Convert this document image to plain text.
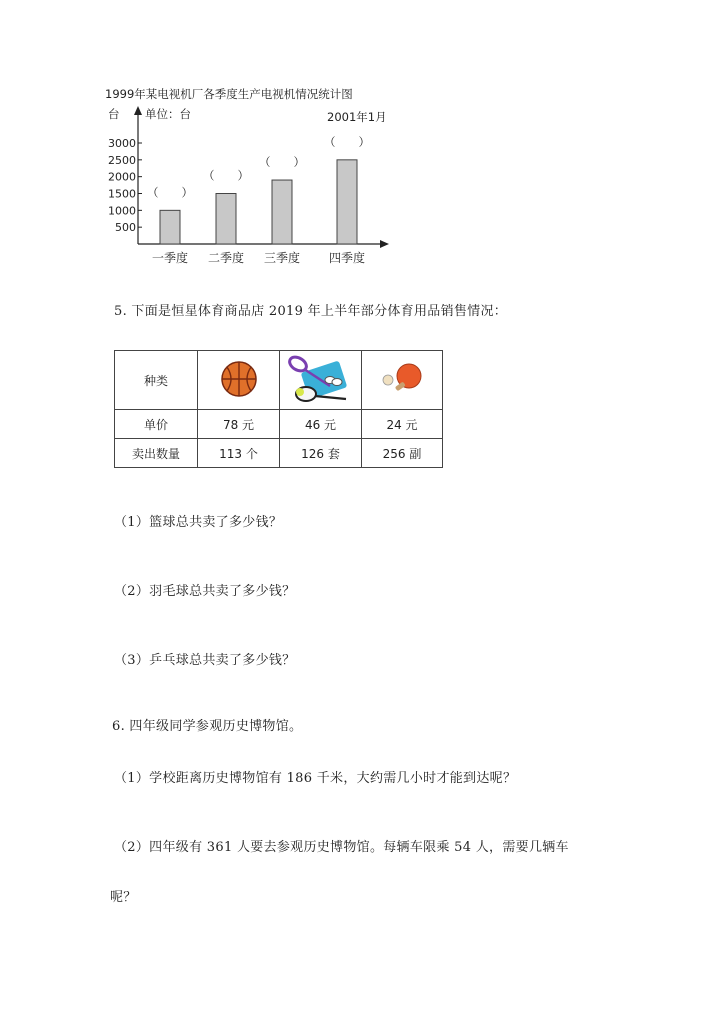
1999年某电视机厂各季度生产电视机情况统计图
台 单位：台	2001年1月
500
1000
1500
2000
2500
3000
（　　）
一季度
（　　）
二季度
（　　）
三季度
（　　）
四季度
5. 下面是恒星体育商品店 2019 年上半年部分体育用品销售情况：
种类			
单价	78 元	46 元	24 元
卖出数量	113 个	126 套	256 副
（1）篮球总共卖了多少钱？
（2）羽毛球总共卖了多少钱？
（3）乒乓球总共卖了多少钱？
6. 四年级同学参观历史博物馆。
（1）学校距离历史博物馆有 186 千米，大约需几小时才能到达呢？
（2）四年级有 361 人要去参观历史博物馆。每辆车限乘 54 人，需要几辆车
呢？
